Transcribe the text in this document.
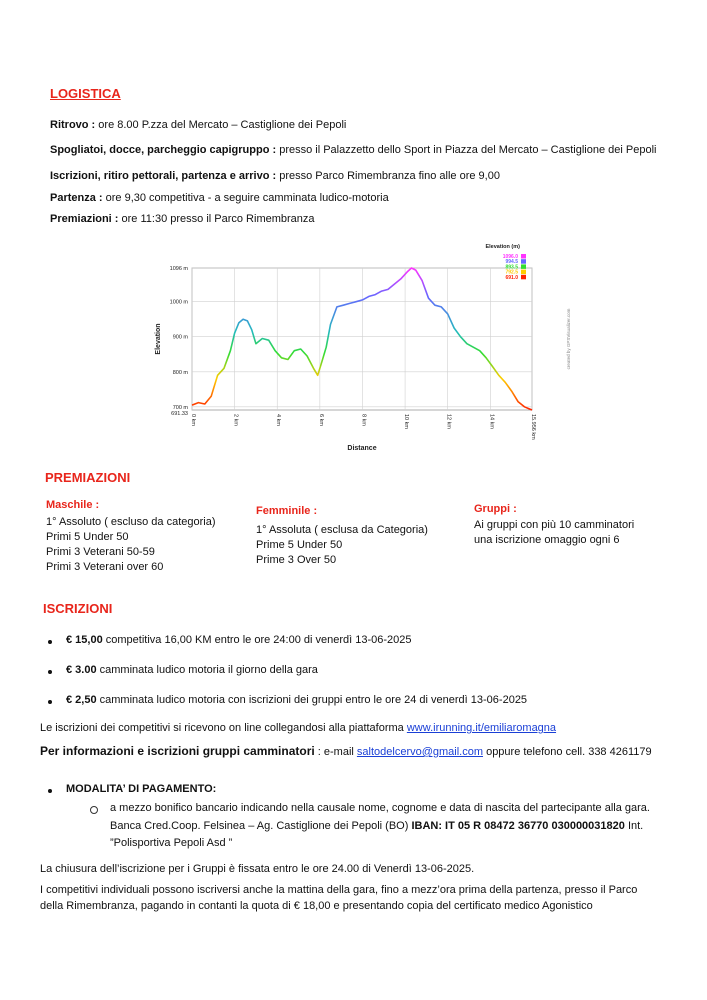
LOGISTICA
Ritrovo : ore 8.00 P.zza del Mercato – Castiglione dei Pepoli
Spogliatoi, docce, parcheggio capigruppo : presso il Palazzetto dello Sport in Piazza del Mercato – Castiglione dei Pepoli
Iscrizioni, ritiro pettorali, partenza e arrivo : presso Parco Rimembranza fino alle ore 9,00
Partenza : ore 9,30 competitiva - a seguire camminata ludico-motoria
Premiazioni : ore 11:30 presso il Parco Rimembranza
0 km	2 km	4 km	6 km	8 km	10 km	12 km	14 km	15.956 km
691.33
700 m
800 m
900 m
1000 m
1096 m
Distance
Elevation
Elevation (m)
1096.0
994.5
893.5
792.5
691.0
created by GPSVisualizer.com
PREMIAZIONI
Maschile :
1° Assoluto ( escluso da categoria)
Primi 5 Under 50
Primi 3 Veterani 50-59
Primi 3 Veterani over 60
Femminile :
1° Assoluta ( esclusa da Categoria)
Prime 5 Under 50
Prime 3 Over 50
Gruppi :
Ai gruppi con più 10 camminatori
una iscrizione omaggio ogni 6
ISCRIZIONI
€ 15,00 competitiva 16,00 KM entro le ore 24:00 di venerdì 13-06-2025
€ 3.00 camminata ludico motoria il giorno della gara
€ 2,50 camminata ludico motoria con iscrizioni dei gruppi entro le ore 24 di venerdì 13-06-2025
Le iscrizioni dei competitivi si ricevono on line collegandosi alla piattaforma www.irunning.it/emiliaromagna
Per informazioni e iscrizioni gruppi camminatori : e-mail saltodelcervo@gmail.com oppure telefono cell. 338 4261179
MODALITA’ DI PAGAMENTO:
a mezzo bonifico bancario indicando nella causale nome, cognome e data di nascita del partecipante alla gara.
Banca Cred.Coop. Felsinea – Ag. Castiglione dei Pepoli (BO) IBAN: IT 05 R 08472 36770 030000031820 Int.
”Polisportiva Pepoli Asd ”
La chiusura dell’iscrizione per i Gruppi è fissata entro le ore 24.00 di Venerdì 13-06-2025.
I competitivi individuali possono iscriversi anche la mattina della gara, fino a mezz’ora prima della partenza, presso il Parco
della Rimembranza, pagando in contanti la quota di € 18,00 e presentando copia del certificato medico Agonistico
